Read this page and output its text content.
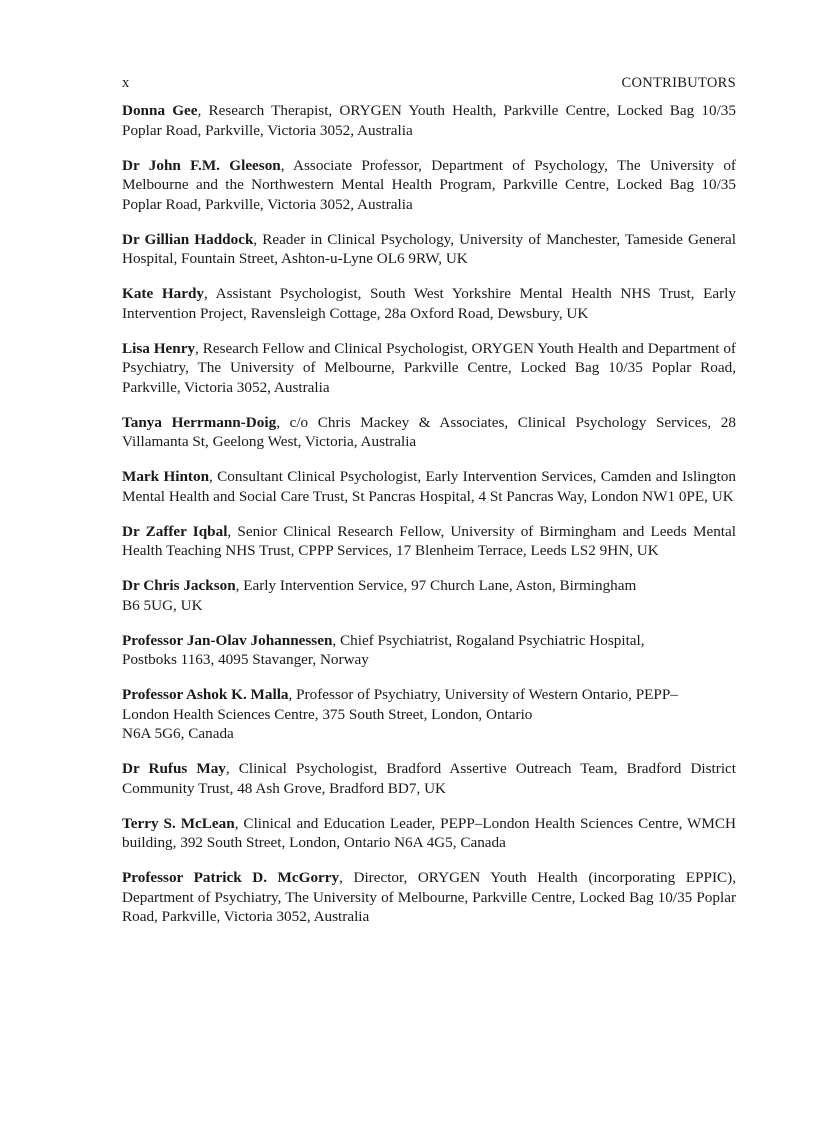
x	CONTRIBUTORS

Donna Gee, Research Therapist, ORYGEN Youth Health, Parkville Centre, Locked Bag 10/35 Poplar Road, Parkville, Victoria 3052, Australia

Dr John F.M. Gleeson, Associate Professor, Department of Psychology, The University of Melbourne and the Northwestern Mental Health Program, Parkville Centre, Locked Bag 10/35 Poplar Road, Parkville, Victoria 3052, Australia

Dr Gillian Haddock, Reader in Clinical Psychology, University of Manchester, Tameside General Hospital, Fountain Street, Ashton-u-Lyne OL6 9RW, UK

Kate Hardy, Assistant Psychologist, South West Yorkshire Mental Health NHS Trust, Early Intervention Project, Ravensleigh Cottage, 28a Oxford Road, Dewsbury, UK

Lisa Henry, Research Fellow and Clinical Psychologist, ORYGEN Youth Health and Department of Psychiatry, The University of Melbourne, Parkville Centre, Locked Bag 10/35 Poplar Road, Parkville, Victoria 3052, Australia

Tanya Herrmann-Doig, c/o Chris Mackey & Associates, Clinical Psychology Services, 28 Villamanta St, Geelong West, Victoria, Australia

Mark Hinton, Consultant Clinical Psychologist, Early Intervention Services, Camden and Islington Mental Health and Social Care Trust, St Pancras Hospital, 4 St Pancras Way, London NW1 0PE, UK

Dr Zaffer Iqbal, Senior Clinical Research Fellow, University of Birmingham and Leeds Mental Health Teaching NHS Trust, CPPP Services, 17 Blenheim Terrace, Leeds LS2 9HN, UK

Dr Chris Jackson, Early Intervention Service, 97 Church Lane, Aston, Birmingham
B6 5UG, UK

Professor Jan-Olav Johannessen, Chief Psychiatrist, Rogaland Psychiatric Hospital,
Postboks 1163, 4095 Stavanger, Norway

Professor Ashok K. Malla, Professor of Psychiatry, University of Western Ontario, PEPP–
London Health Sciences Centre, 375 South Street, London, Ontario
N6A 5G6, Canada

Dr Rufus May, Clinical Psychologist, Bradford Assertive Outreach Team, Bradford District Community Trust, 48 Ash Grove, Bradford BD7, UK

Terry S. McLean, Clinical and Education Leader, PEPP–London Health Sciences Centre, WMCH building, 392 South Street, London, Ontario N6A 4G5, Canada

Professor Patrick D. McGorry, Director, ORYGEN Youth Health (incorporating EPPIC), Department of Psychiatry, The University of Melbourne, Parkville Centre, Locked Bag 10/35 Poplar Road, Parkville, Victoria 3052, Australia
